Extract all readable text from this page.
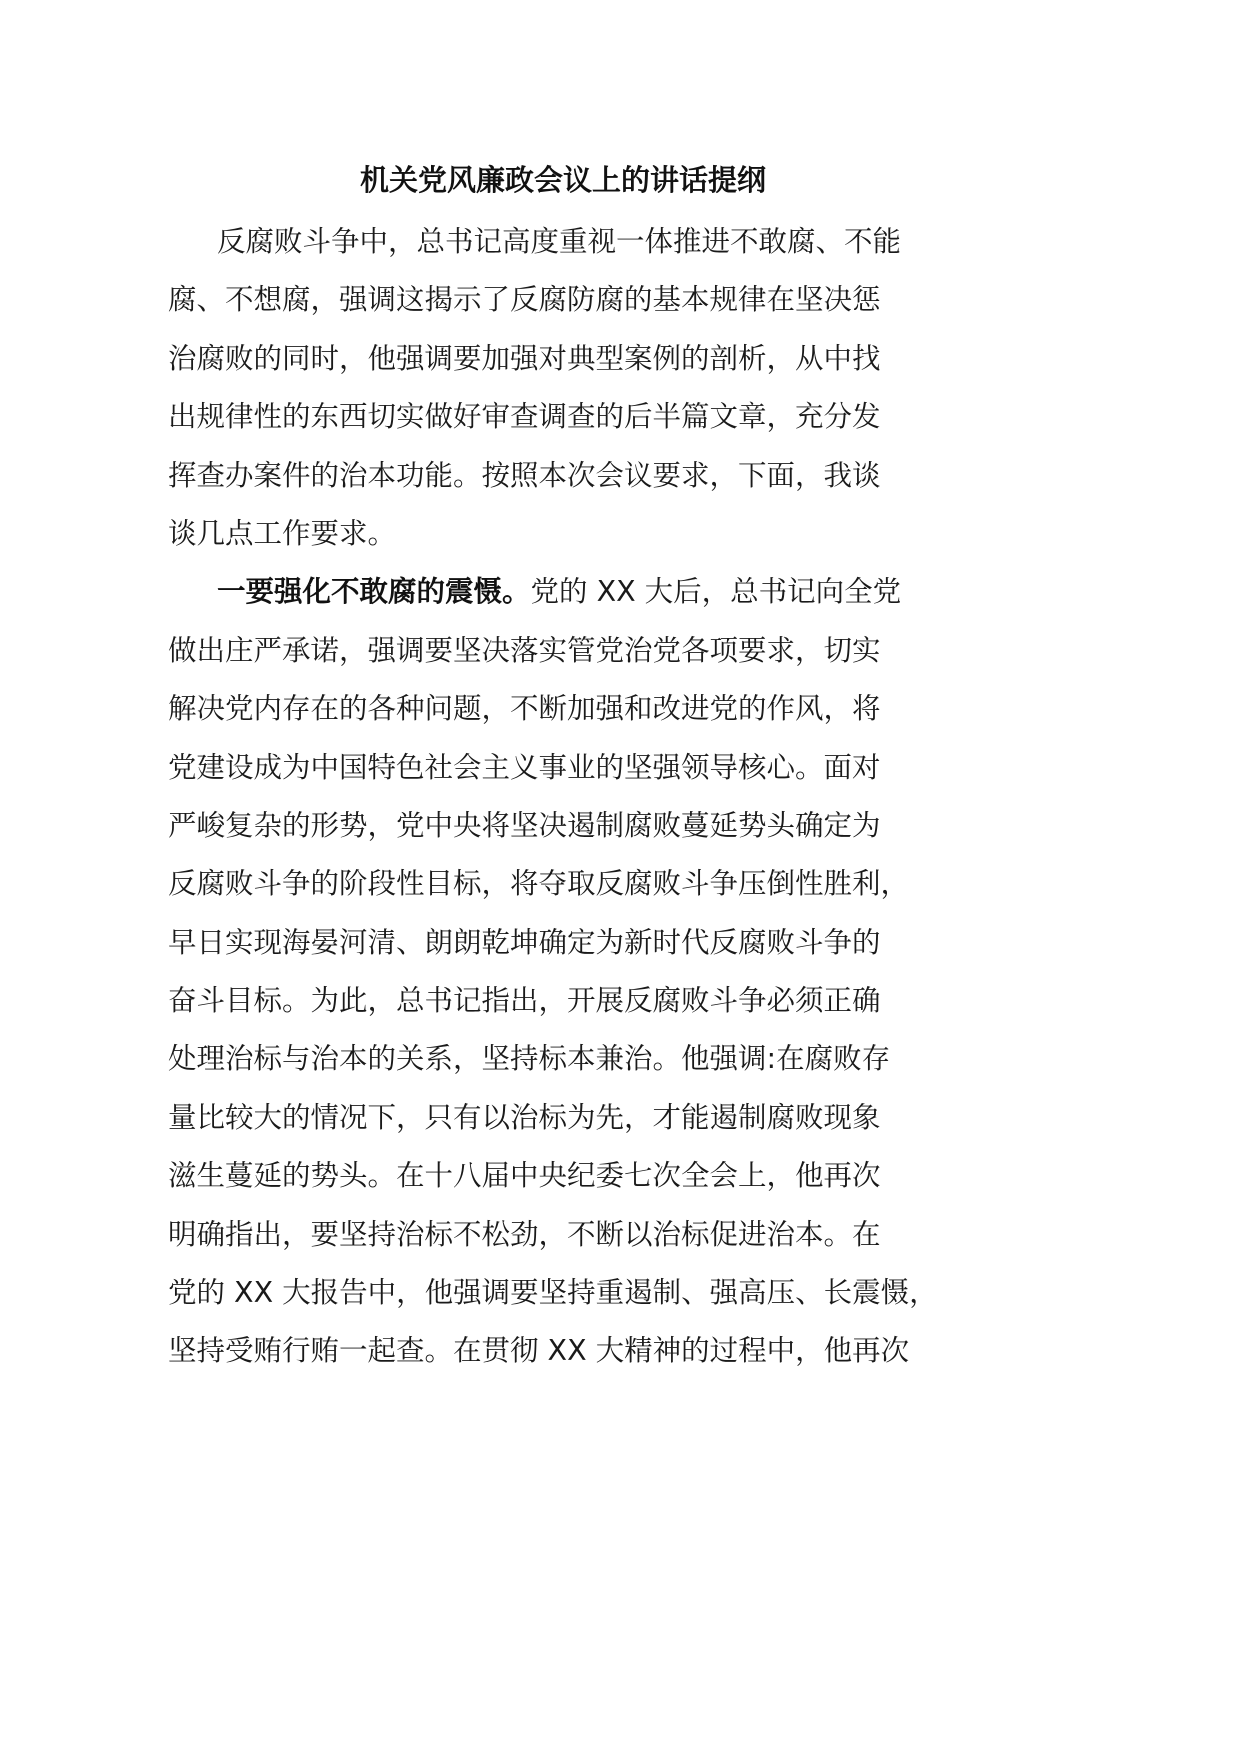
机关党风廉政会议上的讲话提纲
反腐败斗争中，总书记高度重视一体推进不敢腐、不能
腐、不想腐，强调这揭示了反腐防腐的基本规律在坚决惩
治腐败的同时，他强调要加强对典型案例的剖析，从中找
出规律性的东西切实做好审查调查的后半篇文章，充分发
挥查办案件的治本功能。按照本次会议要求，下面，我谈
谈几点工作要求。
一要强化不敢腐的震慑。党的 XX 大后，总书记向全党
做出庄严承诺，强调要坚决落实管党治党各项要求，切实
解决党内存在的各种问题，不断加强和改进党的作风，将
党建设成为中国特色社会主义事业的坚强领导核心。面对
严峻复杂的形势，党中央将坚决遏制腐败蔓延势头确定为
反腐败斗争的阶段性目标，将夺取反腐败斗争压倒性胜利，
早日实现海晏河清、朗朗乾坤确定为新时代反腐败斗争的
奋斗目标。为此，总书记指出，开展反腐败斗争必须正确
处理治标与治本的关系，坚持标本兼治。他强调:在腐败存
量比较大的情况下，只有以治标为先，才能遏制腐败现象
滋生蔓延的势头。在十八届中央纪委七次全会上，他再次
明确指出，要坚持治标不松劲，不断以治标促进治本。在
党的 XX 大报告中，他强调要坚持重遏制、强高压、长震慑，
坚持受贿行贿一起查。在贯彻 XX 大精神的过程中，他再次
